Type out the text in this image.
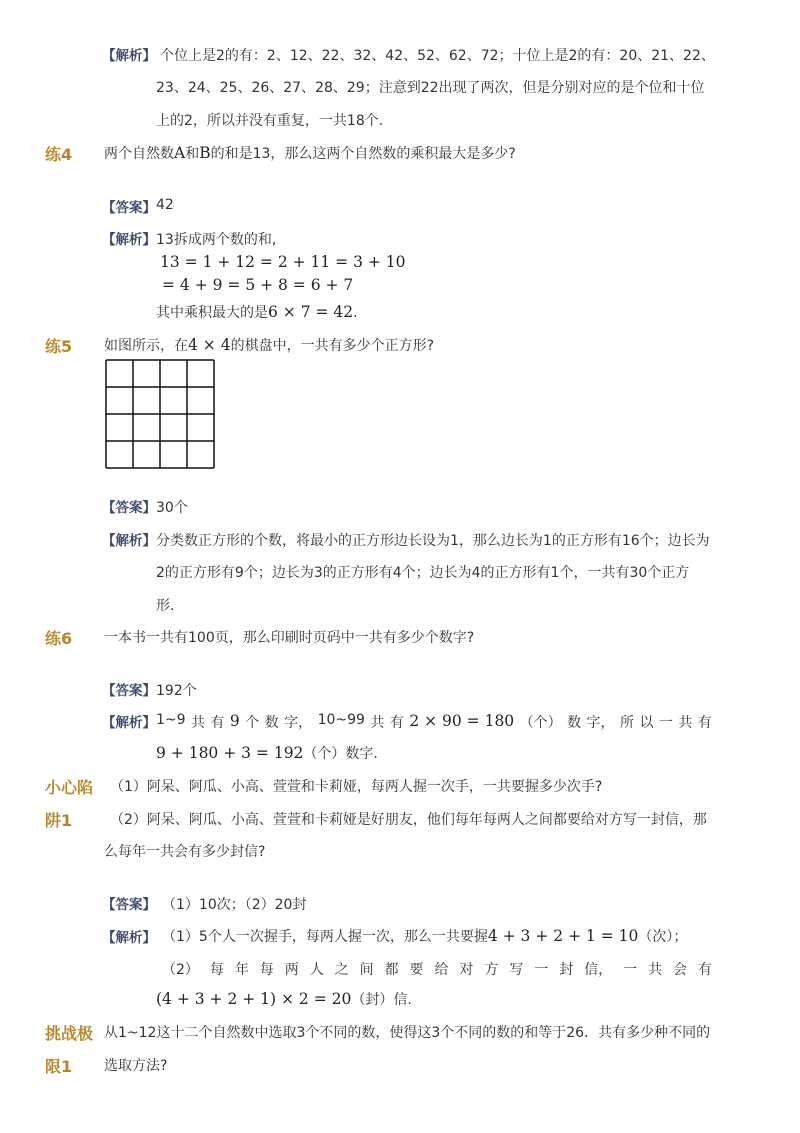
【解析】 个位上是2的有：2、12、22、32、42、52、62、72；十位上是2的有：20、21、22、
23、24、25、26、27、28、29；注意到22出现了两次，但是分别对应的是个位和十位
上的2，所以并没有重复，一共18个.
练4 两个自然数A和B的和是13，那么这两个自然数的乘积最大是多少?
【答案】 42
【解析】 13拆成两个数的和,
13 = 1 + 12 = 2 + 11 = 3 + 10
= 4 + 9 = 5 + 8 = 6 + 7
其中乘积最大的是6 × 7 = 42.
练5 如图所示，在4 × 4的棋盘中，一共有多少个正方形?
【答案】 30个
【解析】 分类数正方形的个数，将最小的正方形边长设为1，那么边长为1的正方形有16个；边长为
2的正方形有9个；边长为3的正方形有4个；边长为4的正方形有1个，一共有30个正方
形.
练6 一本书一共有100页，那么印刷时页码中一共有多少个数字?
【答案】 192个
【解析】 1~9 共 有 9 个 数 字， 10~99 共 有 2 × 90 = 180 （个） 数 字， 所 以 一 共 有
9 + 180 + 3 = 192（个）数字.
小心陷
阱1
（1）阿呆、阿瓜、小高、萱萱和卡莉娅，每两人握一次手，一共要握多少次手?
（2）阿呆、阿瓜、小高、萱萱和卡莉娅是好朋友，他们每年每两人之间都要给对方写一封信，那
么每年一共会有多少封信?
【答案】 （1）10次；（2）20封
【解析】 （1）5个人一次握手，每两人握一次，那么一共要握4 + 3 + 2 + 1 = 10（次）；
（2） 每 年 每 两 人 之 间 都 要 给 对 方 写 一 封 信， 一 共 会 有
(4 + 3 + 2 + 1) × 2 = 20（封）信.
挑战极
限1
从1~12这十二个自然数中选取3个不同的数，使得这3个不同的数的和等于26．共有多少种不同的
选取方法?
